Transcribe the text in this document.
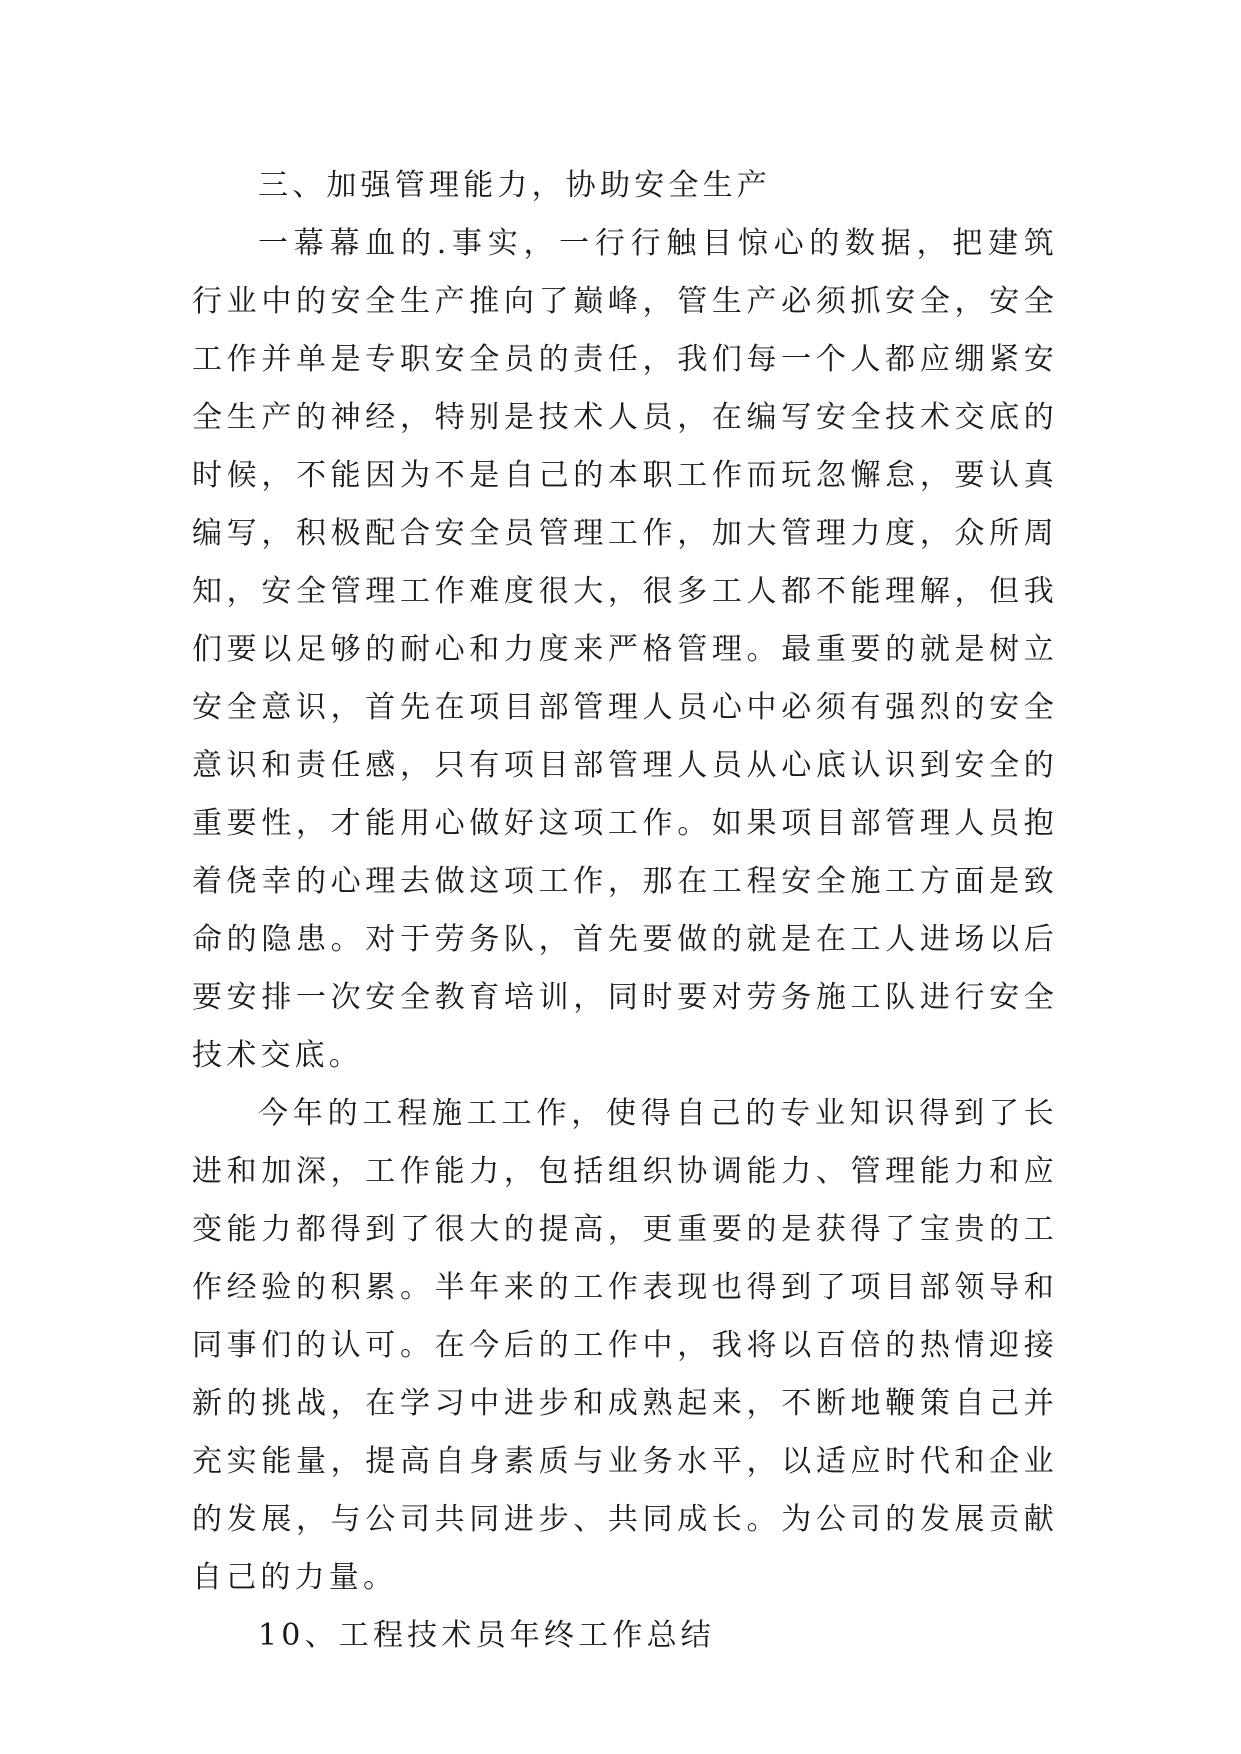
三、加强管理能力，协助安全生产

一幕幕血的.事实，一行行触目惊心的数据，把建筑行业中的安全生产推向了巅峰，管生产必须抓安全，安全工作并单是专职安全员的责任，我们每一个人都应绷紧安全生产的神经，特别是技术人员，在编写安全技术交底的时候，不能因为不是自己的本职工作而玩忽懈怠，要认真编写，积极配合安全员管理工作，加大管理力度，众所周知，安全管理工作难度很大，很多工人都不能理解，但我们要以足够的耐心和力度来严格管理。最重要的就是树立安全意识，首先在项目部管理人员心中必须有强烈的安全意识和责任感，只有项目部管理人员从心底认识到安全的重要性，才能用心做好这项工作。如果项目部管理人员抱着侥幸的心理去做这项工作，那在工程安全施工方面是致命的隐患。对于劳务队，首先要做的就是在工人进场以后要安排一次安全教育培训，同时要对劳务施工队进行安全技术交底。

今年的工程施工工作，使得自己的专业知识得到了长进和加深，工作能力，包括组织协调能力、管理能力和应变能力都得到了很大的提高，更重要的是获得了宝贵的工作经验的积累。半年来的工作表现也得到了项目部领导和同事们的认可。在今后的工作中，我将以百倍的热情迎接新的挑战，在学习中进步和成熟起来，不断地鞭策自己并充实能量，提高自身素质与业务水平，以适应时代和企业的发展，与公司共同进步、共同成长。为公司的发展贡献自己的力量。

10、工程技术员年终工作总结
